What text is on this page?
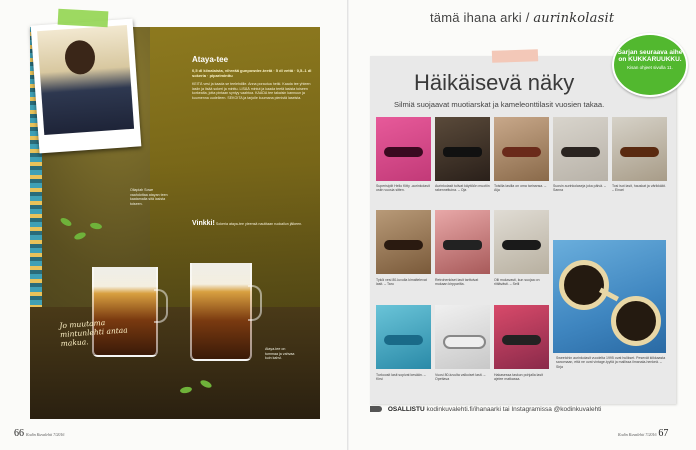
Oliapiah Sowe vaahdottaa atayan teen kaatamalla sitä lasista toiseen.
Ataya-tee on tummaa ja vahvaa kuin kahvi.
Jo muutama mintunlehti antaa makua.
Ataya-tee
0,5 dl kiinalaista, vihreää gunpowder-teetä · 5 dl vettä · 0,5–1 dl sokeria · pipariminttu
KEITÄ vesi ja kaada se teelehdille. Anna porautua hetki. Kaada tee yhteen lasiin ja lisää sokeri ja minttu. LISÄÄ mintut ja kaada teetä lasista toiseen korkealta, jotta pintaan syntyy vaahtoa. KAADA tee takaisin kannuun ja kuumenna uudelleen. SEKOITA ja tarjoile kuumana pienistä laseista.
Vinkki! Sokeria ataya-tee yleensä nautitaan ruokailun jälkeen.
66 Kodin Kuvalehti 7/2016
tämä ihana arki / aurinkolasit
Häikäisevä näky
Silmiä suojaavat muotiarskat ja kameleonttilasit vuosien takaa.
Sarjan seuraava aihe on KUKKARUUKKU.
Kisan ohjeet sivulla 11.
Superisiplit Hello Kitty -aurinkolasit ostin vuosia sitten.
Aurinkolasit tulivat käyttöön muotiin rakenneltuina. – Oja
Toisilla lasilla on oma tarinansa. – Aija
Suosin aurinkolaseja joka päivä. – Sanna
Tosi isot lasit, hauskat ja värikkäät. – Einari
Tyköi vesi 80-luvulla kimaltelevat lasit. – Taru
Retrohenkiset lasit tarttuivat mukaan kirpparilta.
Olli mukavasti, kun suojaa on riittävästi. – Selli
Turkoosit lasit sopivat kesään. – Kirsi
Vuosi 80-luvulta valkoiset lasit. – Opettava
Hakasessa taskun pohjalla lasit ajelee matkassa.
Sweetchin aurinkolasit vuodelta 1995 ovat hulikset. Pesevät kiikkaasta sanomaan, että ne ovat vintage-tyyliä ja mallissa ilmanala-henkeä. – Sirja
OSALLISTU kodinkuvalehti.fi/ihanaarki tai Instagramissa @kodinkuvalehti
Kodin Kuvalehti 7/2016 67
